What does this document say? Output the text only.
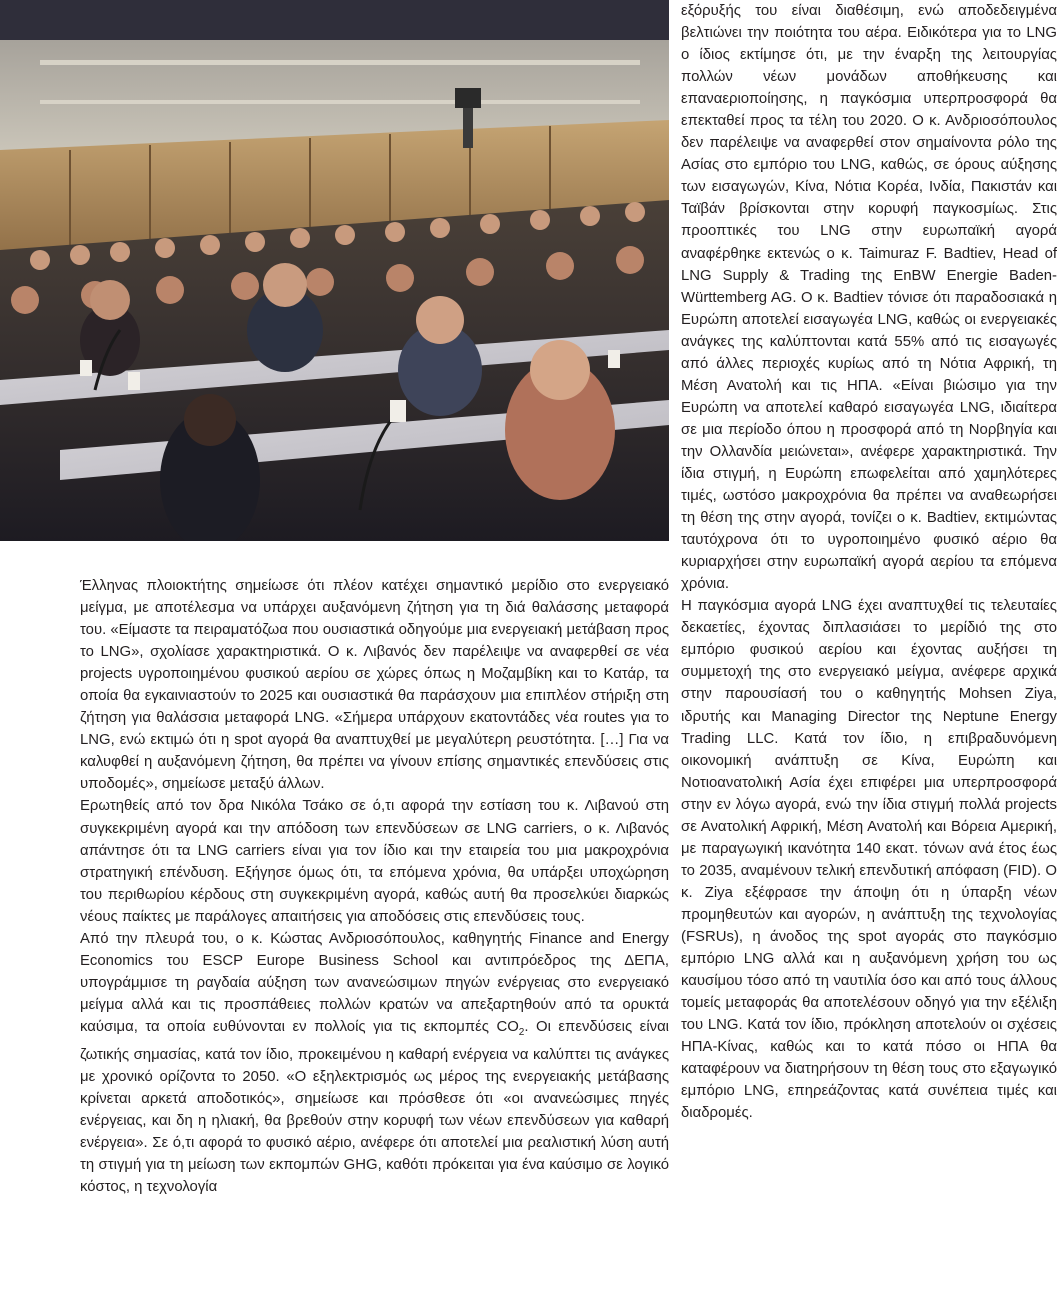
Έλληνας πλοιοκτήτης σημείωσε ότι πλέον κατέχει σημαντικό μερίδιο στο ενεργειακό μείγμα, με αποτέλεσμα να υπάρχει αυξανόμενη ζήτηση για τη διά θαλάσσης μεταφορά του. «Είμαστε τα πειραματόζωα που ουσιαστικά οδηγούμε μια ενεργειακή μετάβαση προς το LNG», σχολίασε χαρακτηριστικά. Ο κ. Λιβανός δεν παρέλειψε να αναφερθεί σε νέα projects υγροποιημένου φυσικού αερίου σε χώρες όπως η Μοζαμβίκη και το Κατάρ, τα οποία θα εγκαινιαστούν το 2025 και ουσιαστικά θα παράσχουν μια επιπλέον στήριξη στη ζήτηση για θαλάσσια μεταφορά LNG. «Σήμερα υπάρχουν εκατοντάδες νέα routes για το LNG, ενώ εκτιμώ ότι η spot αγορά θα αναπτυχθεί με μεγαλύτερη ρευστότητα. […] Για να καλυφθεί η αυξανόμενη ζήτηση, θα πρέπει να γίνουν επίσης σημαντικές επενδύσεις στις υποδομές», σημείωσε μεταξύ άλλων.

Ερωτηθείς από τον δρα Νικόλα Τσάκο σε ό,τι αφορά την εστίαση του κ. Λιβανού στη συγκεκριμένη αγορά και την απόδοση των επενδύσεων σε LNG carriers, ο κ. Λιβανός απάντησε ότι τα LNG carriers είναι για τον ίδιο και την εταιρεία του μια μακροχρόνια στρατηγική επένδυση. Εξήγησε όμως ότι, τα επόμενα χρόνια, θα υπάρξει υποχώρηση του περιθωρίου κέρδους στη συγκεκριμένη αγορά, καθώς αυτή θα προσελκύει διαρκώς νέους παίκτες με παράλογες απαιτήσεις για αποδόσεις στις επενδύσεις τους.

Από την πλευρά του, ο κ. Κώστας Ανδριοσόπουλος, καθηγητής Finance and Energy Economics του ESCP Europe Business School και αντιπρόεδρος της ΔΕΠΑ, υπογράμμισε τη ραγδαία αύξηση των ανανεώσιμων πηγών ενέργειας στο ενεργειακό μείγμα αλλά και τις προσπάθειες πολλών κρατών να απεξαρτηθούν από τα ορυκτά καύσιμα, τα οποία ευθύνονται εν πολλοίς για τις εκπομπές $CO_2$. Οι επενδύσεις είναι ζωτικής σημασίας, κατά τον ίδιο, προκειμένου η καθαρή ενέργεια να καλύπτει τις ανάγκες με χρονικό ορίζοντα το 2050. «Ο εξηλεκτρισμός ως μέρος της ενεργειακής μετάβασης κρίνεται αρκετά αποδοτικός», σημείωσε και πρόσθεσε ότι «οι ανανεώσιμες πηγές ενέργειας, και δη η ηλιακή, θα βρεθούν στην κορυφή των νέων επενδύσεων για καθαρή ενέργεια». Σε ό,τι αφορά το φυσικό αέριο, ανέφερε ότι αποτελεί μια ρεαλιστική λύση αυτή τη στιγμή για τη μείωση των εκπομπών GHG, καθότι πρόκειται για ένα καύσιμο σε λογικό κόστος, η τεχνολογία

εξόρυξής του είναι διαθέσιμη, ενώ αποδεδειγμένα βελτιώνει την ποιότητα του αέρα. Ειδικότερα για το LNG ο ίδιος εκτίμησε ότι, με την έναρξη της λειτουργίας πολλών νέων μονάδων αποθήκευσης και επαναεριοποίησης, η παγκόσμια υπερπροσφορά θα επεκταθεί προς τα τέλη του 2020. Ο κ. Ανδριοσόπουλος δεν παρέλειψε να αναφερθεί στον σημαίνοντα ρόλο της Ασίας στο εμπόριο του LNG, καθώς, σε όρους αύξησης των εισαγωγών, Κίνα, Νότια Κορέα, Ινδία, Πακιστάν και Ταϊβάν βρίσκονται στην κορυφή παγκοσμίως. Στις προοπτικές του LNG στην ευρωπαϊκή αγορά αναφέρθηκε εκτενώς ο κ. Taimuraz F. Badtiev, Head of LNG Supply & Trading της EnBW Energie Baden-Württemberg AG. Ο κ. Badtiev τόνισε ότι παραδοσιακά η Ευρώπη αποτελεί εισαγωγέα LNG, καθώς οι ενεργειακές ανάγκες της καλύπτονται κατά 55% από τις εισαγωγές από άλλες περιοχές κυρίως από τη Νότια Αφρική, τη Μέση Ανατολή και τις ΗΠΑ. «Είναι βιώσιμο για την Ευρώπη να αποτελεί καθαρό εισαγωγέα LNG, ιδιαίτερα σε μια περίοδο όπου η προσφορά από τη Νορβηγία και την Ολλανδία μειώνεται», ανέφερε χαρακτηριστικά. Την ίδια στιγμή, η Ευρώπη επωφελείται από χαμηλότερες τιμές, ωστόσο μακροχρόνια θα πρέπει να αναθεωρήσει τη θέση της στην αγορά, τονίζει ο κ. Badtiev, εκτιμώντας ταυτόχρονα ότι το υγροποιημένο φυσικό αέριο θα κυριαρχήσει στην ευρωπαϊκή αγορά αερίου τα επόμενα χρόνια.

Η παγκόσμια αγορά LNG έχει αναπτυχθεί τις τελευταίες δεκαετίες, έχοντας διπλασιάσει το μερίδιό της στο εμπόριο φυσικού αερίου και έχοντας αυξήσει τη συμμετοχή της στο ενεργειακό μείγμα, ανέφερε αρχικά στην παρουσίασή του ο καθηγητής Mohsen Ziya, ιδρυτής και Managing Director της Neptune Energy Trading LLC. Κατά τον ίδιο, η επιβραδυνόμενη οικονομική ανάπτυξη σε Κίνα, Ευρώπη και Νοτιοανατολική Ασία έχει επιφέρει μια υπερπροσφορά στην εν λόγω αγορά, ενώ την ίδια στιγμή πολλά projects σε Ανατολική Αφρική, Μέση Ανατολή και Βόρεια Αμερική, με παραγωγική ικανότητα 140 εκατ. τόνων ανά έτος έως το 2035, αναμένουν τελική επενδυτική απόφαση (FID). Ο κ. Ziya εξέφρασε την άποψη ότι η ύπαρξη νέων προμηθευτών και αγορών, η ανάπτυξη της τεχνολογίας (FSRUs), η άνοδος της spot αγοράς στο παγκόσμιο εμπόριο LNG αλλά και η αυξανόμενη χρήση του ως καυσίμου τόσο από τη ναυτιλία όσο και από τους άλλους τομείς μεταφοράς θα αποτελέσουν οδηγό για την εξέλιξη του LNG. Κατά τον ίδιο, πρόκληση αποτελούν οι σχέσεις ΗΠΑ-Κίνας, καθώς και το κατά πόσο οι ΗΠΑ θα καταφέρουν να διατηρήσουν τη θέση τους στο εξαγωγικό εμπόριο LNG, επηρεάζοντας κατά συνέπεια τιμές και διαδρομές.
